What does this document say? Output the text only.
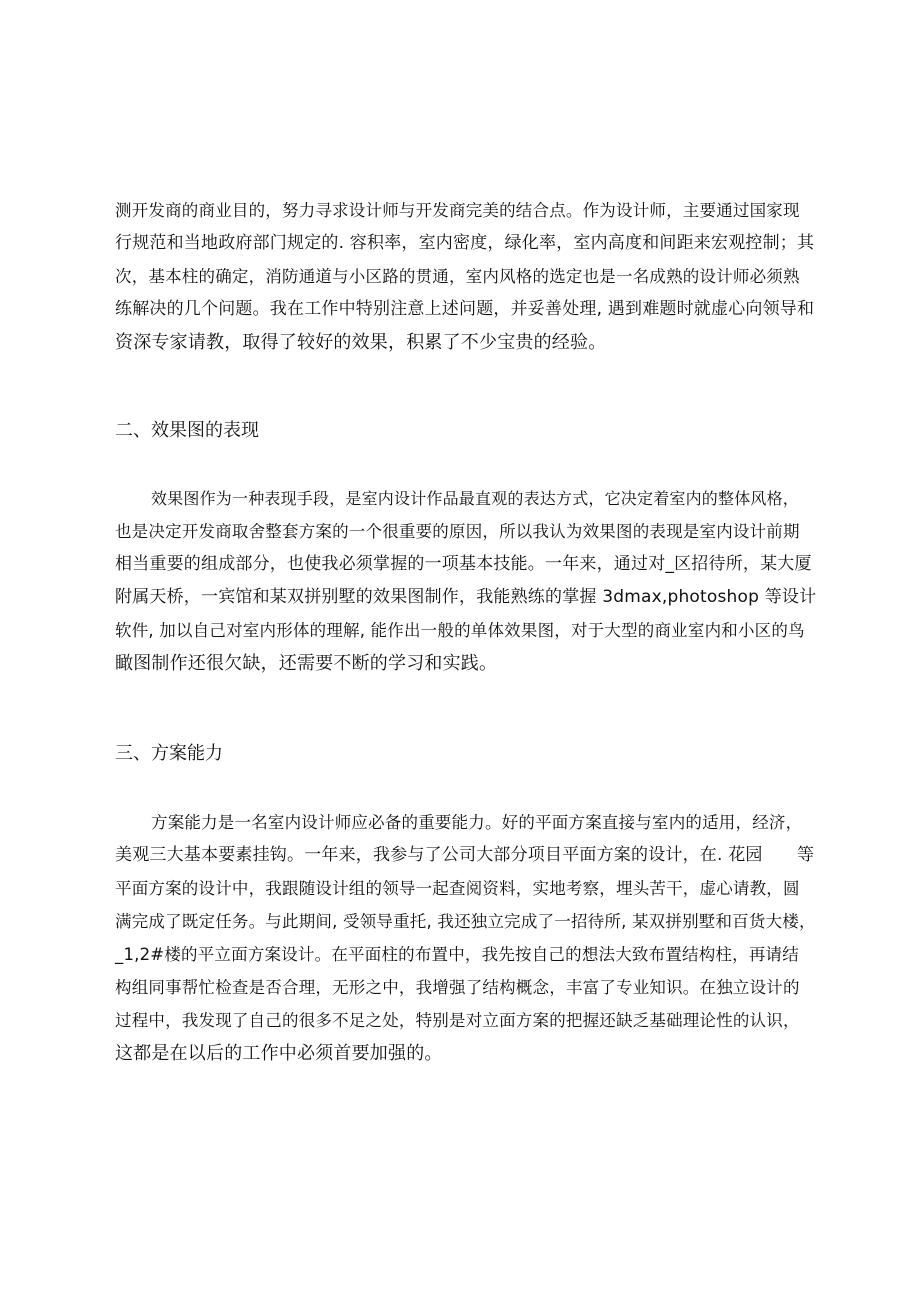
测开发商的商业目的，努力寻求设计师与开发商完美的结合点。作为设计师，主要通过国家现
行规范和当地政府部门规定的. 容积率，室内密度，绿化率，室内高度和间距来宏观控制；其
次，基本柱的确定，消防通道与小区路的贯通，室内风格的选定也是一名成熟的设计师必须熟
练解决的几个问题。我在工作中特别注意上述问题，并妥善处理, 遇到难题时就虚心向领导和
资深专家请教，取得了较好的效果，积累了不少宝贵的经验。
二、效果图的表现
效果图作为一种表现手段，是室内设计作品最直观的表达方式，它决定着室内的整体风格，
也是决定开发商取舍整套方案的一个很重要的原因，所以我认为效果图的表现是室内设计前期
相当重要的组成部分，也使我必须掌握的一项基本技能。一年来，通过对_区招待所，某大厦
附属天桥，一宾馆和某双拼别墅的效果图制作，我能熟练的掌握 3dmax,photoshop 等设计
软件, 加以自己对室内形体的理解, 能作出一般的单体效果图，对于大型的商业室内和小区的鸟
瞰图制作还很欠缺，还需要不断的学习和实践。
三、方案能力
方案能力是一名室内设计师应必备的重要能力。好的平面方案直接与室内的适用，经济，
美观三大基本要素挂钩。一年来，我参与了公司大部分项目平面方案的设计，在. 花园　　等
平面方案的设计中，我跟随设计组的领导一起查阅资料，实地考察，埋头苦干，虚心请教，圆
满完成了既定任务。与此期间, 受领导重托, 我还独立完成了一招待所, 某双拼别墅和百货大楼，
_1,2#楼的平立面方案设计。在平面柱的布置中，我先按自己的想法大致布置结构柱，再请结
构组同事帮忙检查是否合理，无形之中，我增强了结构概念，丰富了专业知识。在独立设计的
过程中，我发现了自己的很多不足之处，特别是对立面方案的把握还缺乏基础理论性的认识，
这都是在以后的工作中必须首要加强的。
